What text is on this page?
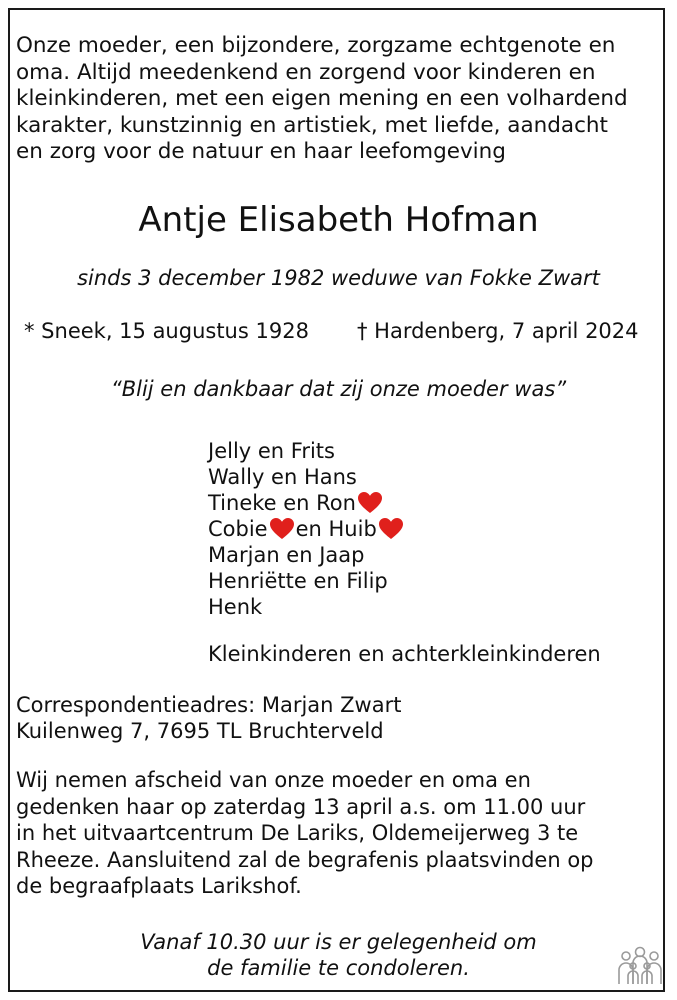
Onze moeder, een bijzondere, zorgzame echtgenote en
oma. Altijd meedenkend en zorgend voor kinderen en
kleinkinderen, met een eigen mening en een volhardend
karakter, kunstzinnig en artistiek, met liefde, aandacht
en zorg voor de natuur en haar leefomgeving
Antje Elisabeth Hofman
sinds 3 december 1982 weduwe van Fokke Zwart
* Sneek, 15 augustus 1928 † Hardenberg, 7 april 2024
“Blij en dankbaar dat zij onze moeder was”
Jelly en Frits
Wally en Hans
Tineke en Ron
Cobie en Huib
Marjan en Jaap
Henriëtte en Filip
Henk
Kleinkinderen en achterkleinkinderen
Correspondentieadres: Marjan Zwart
Kuilenweg 7, 7695 TL Bruchterveld
Wij nemen afscheid van onze moeder en oma en
gedenken haar op zaterdag 13 april a.s. om 11.00 uur
in het uitvaartcentrum De Lariks, Oldemeijerweg 3 te
Rheeze. Aansluitend zal de begrafenis plaatsvinden op
de begraafplaats Larikshof.
Vanaf 10.30 uur is er gelegenheid om
de familie te condoleren.
